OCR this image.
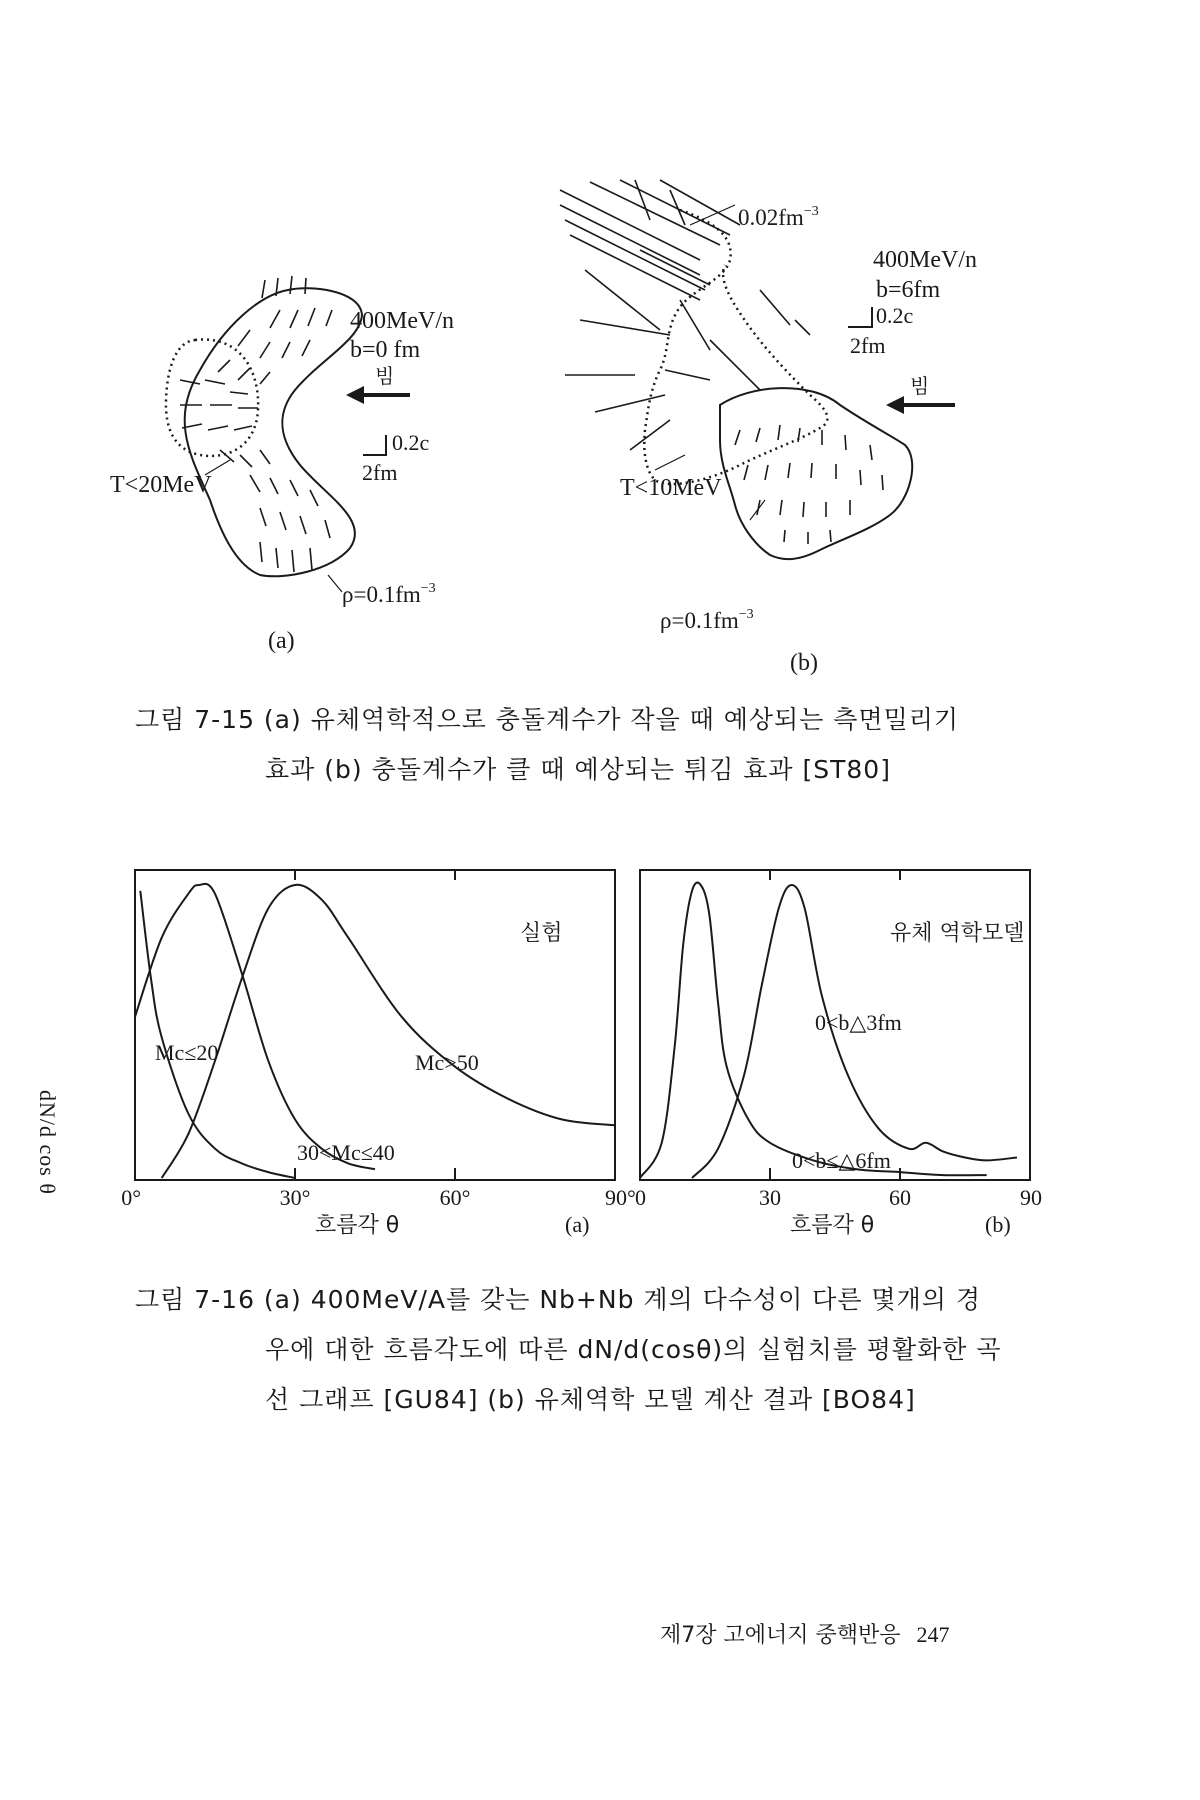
400MeV/n
b=0 fm
빔
0.2c
2fm
T<20MeV
$\rho=0.1fm^{-3}$
(a)
$0.02fm^{-3}$
400MeV/n
b=6fm
0.2c
2fm
빔
T<10MeV
$\rho=0.1fm^{-3}$
(b)
그림 7-15 (a) 유체역학적으로 충돌계수가 작을 때 예상되는 측면밀리기
효과 (b) 충돌계수가 클 때 예상되는 튀김 효과 [ST80]
dN/d cos θ
실험
0°	30°	60°	90°
Mc≤20
30<Mc≤40
Mc>50
흐름각 θ	(a)
유체 역학모델
0	30	60	90
0<b△3fm
0<b≤△6fm
흐름각 θ	(b)
그림 7-16 (a) 400MeV/A를 갖는 Nb+Nb 계의 다수성이 다른 몇개의 경
우에 대한 흐름각도에 따른 dN/d(cosθ)의 실험치를 평활화한 곡
선 그래프 [GU84] (b) 유체역학 모델 계산 결과 [BO84]
제7장 고에너지 중핵반응 247
